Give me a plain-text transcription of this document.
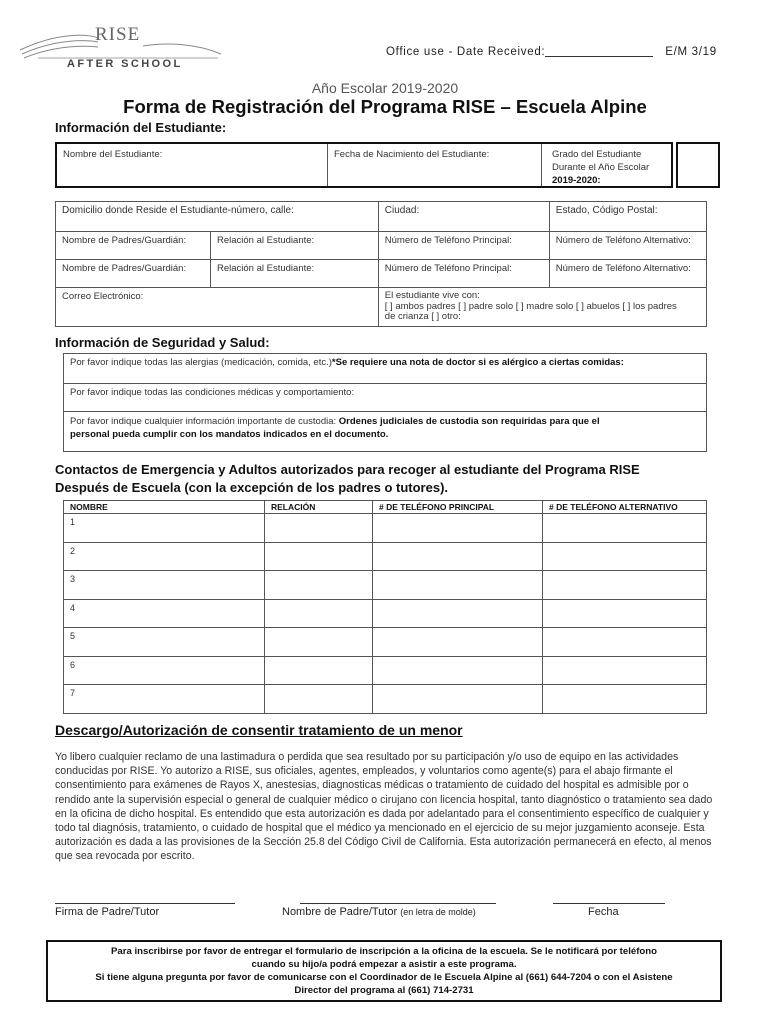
RISE
AFTER SCHOOL
Office use - Date Received:	E/M 3/19
Año Escolar 2019-2020
Forma de Registración del Programa RISE – Escuela Alpine
Información del Estudiante:
Nombre del Estudiante:	Fecha de Nacimiento del Estudiante:	Grado del Estudiante
Durante el Año Escolar
2019-2020:
Domicilio donde Reside el Estudiante-número, calle:		Ciudad:	Estado, Código Postal:
Nombre de Padres/Guardián:	Relación al Estudiante:	Número de Teléfono Principal:	Número de Teléfono Alternativo:
Nombre de Padres/Guardián:	Relación al Estudiante:	Número de Teléfono Principal:	Número de Teléfono Alternativo:
Correo Electrónico:		El estudiante vive con:
[ ] ambos padres [ ] padre solo [ ] madre solo [ ] abuelos [ ] los padres
de crianza [ ] otro:	
Información de Seguridad y Salud:
Por favor indique todas las alergias (medicación, comida, etc.)*Se requiere una nota de doctor si es alérgico a ciertas comidas:
Por favor indique todas las condiciones médicas y comportamiento:
Por favor indique cualquier información importante de custodia: Ordenes judiciales de custodia son requiridas para que el
personal pueda cumplir con los mandatos indicados en el documento.
Contactos de Emergencia y Adultos autorizados para recoger al estudiante del Programa RISE
Después de Escuela (con la excepción de los padres o tutores).
NOMBRE	RELACIÓN	# DE TELÉFONO PRINCIPAL	# DE TELÉFONO ALTERNATIVO
1			
2			
3			
4			
5			
6			
7			
Descargo/Autorización de consentir tratamiento de un menor
Yo libero cualquier reclamo de una lastimadura o perdida que sea resultado por su participación y/o uso de equipo en las actividades conducidas por RISE. Yo autorizo a RISE, sus oficiales, agentes, empleados, y voluntarios como agente(s) para el abajo firmante el consentimiento para exámenes de Rayos X, anestesias, diagnosticas médicas o tratamiento de cuidado del hospital es admisible por o rendido ante la supervisión especial o general de cualquier médico o cirujano con licencia hospital, tanto diagnóstico o tratamiento sea dado en la oficina de dicho hospital. Es entendido que esta autorización es dada por adelantado para el consentimiento específico de cualquier y todo tal diagnósis, tratamiento, o cuidado de hospital que el médico ya mencionado en el ejercicio de su mejor juzgamiento aconseje. Esta autorización es dada a las provisiones de la Sección 25.8 del Código Civil de California. Esta autorización permanecerá en efecto, al menos que sea revocada por escrito.
Firma de Padre/Tutor	Nombre de Padre/Tutor (en letra de molde)	Fecha
Para inscribirse por favor de entregar el formulario de inscripción a la oficina de la escuela. Se le notificará por teléfono
cuando su hijo/a podrá empezar a asistir a este programa.
Si tiene alguna pregunta por favor de comunicarse con el Coordinador de le Escuela Alpine al (661) 644-7204 o con el Asistene
Director del programa al (661) 714-2731
